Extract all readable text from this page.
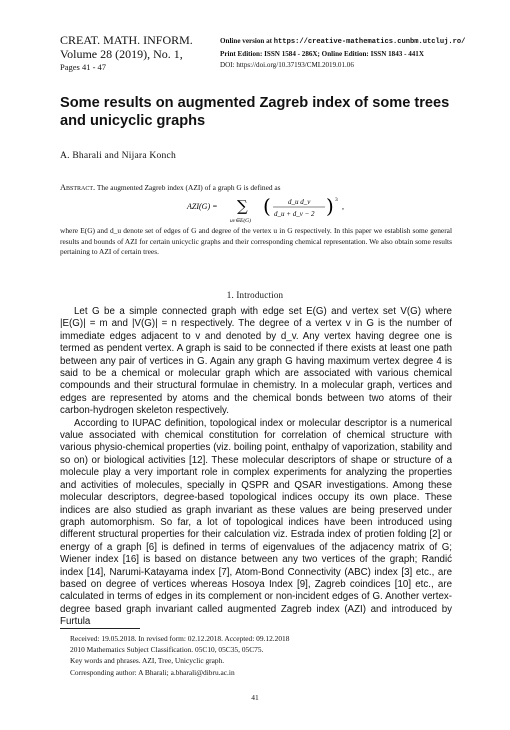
CREAT. MATH. INFORM.
Volume 28 (2019), No. 1,
Pages 41 - 47
Online version at https://creative-mathematics.cunbm.utcluj.ro/
Print Edition: ISSN 1584 - 286X; Online Edition: ISSN 1843 - 441X
DOI: https://doi.org/10.37193/CMI.2019.01.06
Some results on augmented Zagreb index of some trees and unicyclic graphs
A. Bharali and Nijara Konch
Abstract. The augmented Zagreb index (AZI) of a graph G is defined as
AZI(G) = ∑
uv∈E(G)
( d_u d_v
d_u + d_v − 2 ) 3
,
where E(G) and d_u denote set of edges of G and degree of the vertex u in G respectively. In this paper we establish some general results and bounds of AZI for certain unicyclic graphs and their corresponding chemical representation. We also obtain some results pertaining to AZI of certain trees.
1. Introduction

Let G be a simple connected graph with edge set E(G) and vertex set V(G) where |E(G)| = m and |V(G)| = n respectively. The degree of a vertex v in G is the number of immediate edges adjacent to v and denoted by d_v. Any vertex having degree one is termed as pendent vertex. A graph is said to be connected if there exists at least one path between any pair of vertices in G. Again any graph G having maximum vertex degree 4 is said to be a chemical or molecular graph which are associated with various chemical compounds and their structural formulae in chemistry. In a molecular graph, vertices and edges are represented by atoms and the chemical bonds between two atoms of their carbon-hydrogen skeleton respectively.

According to IUPAC definition, topological index or molecular descriptor is a numerical value associated with chemical constitution for correlation of chemical structure with various physio-chemical properties (viz. boiling point, enthalpy of vaporization, stability and so on) or biological activities [12]. These molecular descriptors of shape or structure of a molecule play a very important role in complex experiments for analyzing the properties and activities of molecules, specially in QSPR and QSAR investigations. Among these molecular descriptors, degree-based topological indices occupy its own place. These indices are also studied as graph invariant as these values are being preserved under graph automorphism. So far, a lot of topological indices have been introduced using different structural properties for their calculation viz. Estrada index of protien folding [2] or energy of a graph [6] is defined in terms of eigenvalues of the adjacency matrix of G; Wiener index [16] is based on distance between any two vertices of the graph; Randić index [14], Narumi-Katayama index [7], Atom-Bond Connectivity (ABC) index [3] etc., are based on degree of vertices whereas Hosoya Index [9], Zagreb coindices [10] etc., are calculated in terms of edges in its complement or non-incident edges of G. Another vertex-degree based graph invariant called augmented Zagreb index (AZI) and introduced by Furtula

Received: 19.05.2018. In revised form: 02.12.2018. Accepted: 09.12.2018
2010 Mathematics Subject Classification. 05C10, 05C35, 05C75.
Key words and phrases. AZI, Tree, Unicyclic graph.
Corresponding author: A Bharali; a.bharali@dibru.ac.in
41
